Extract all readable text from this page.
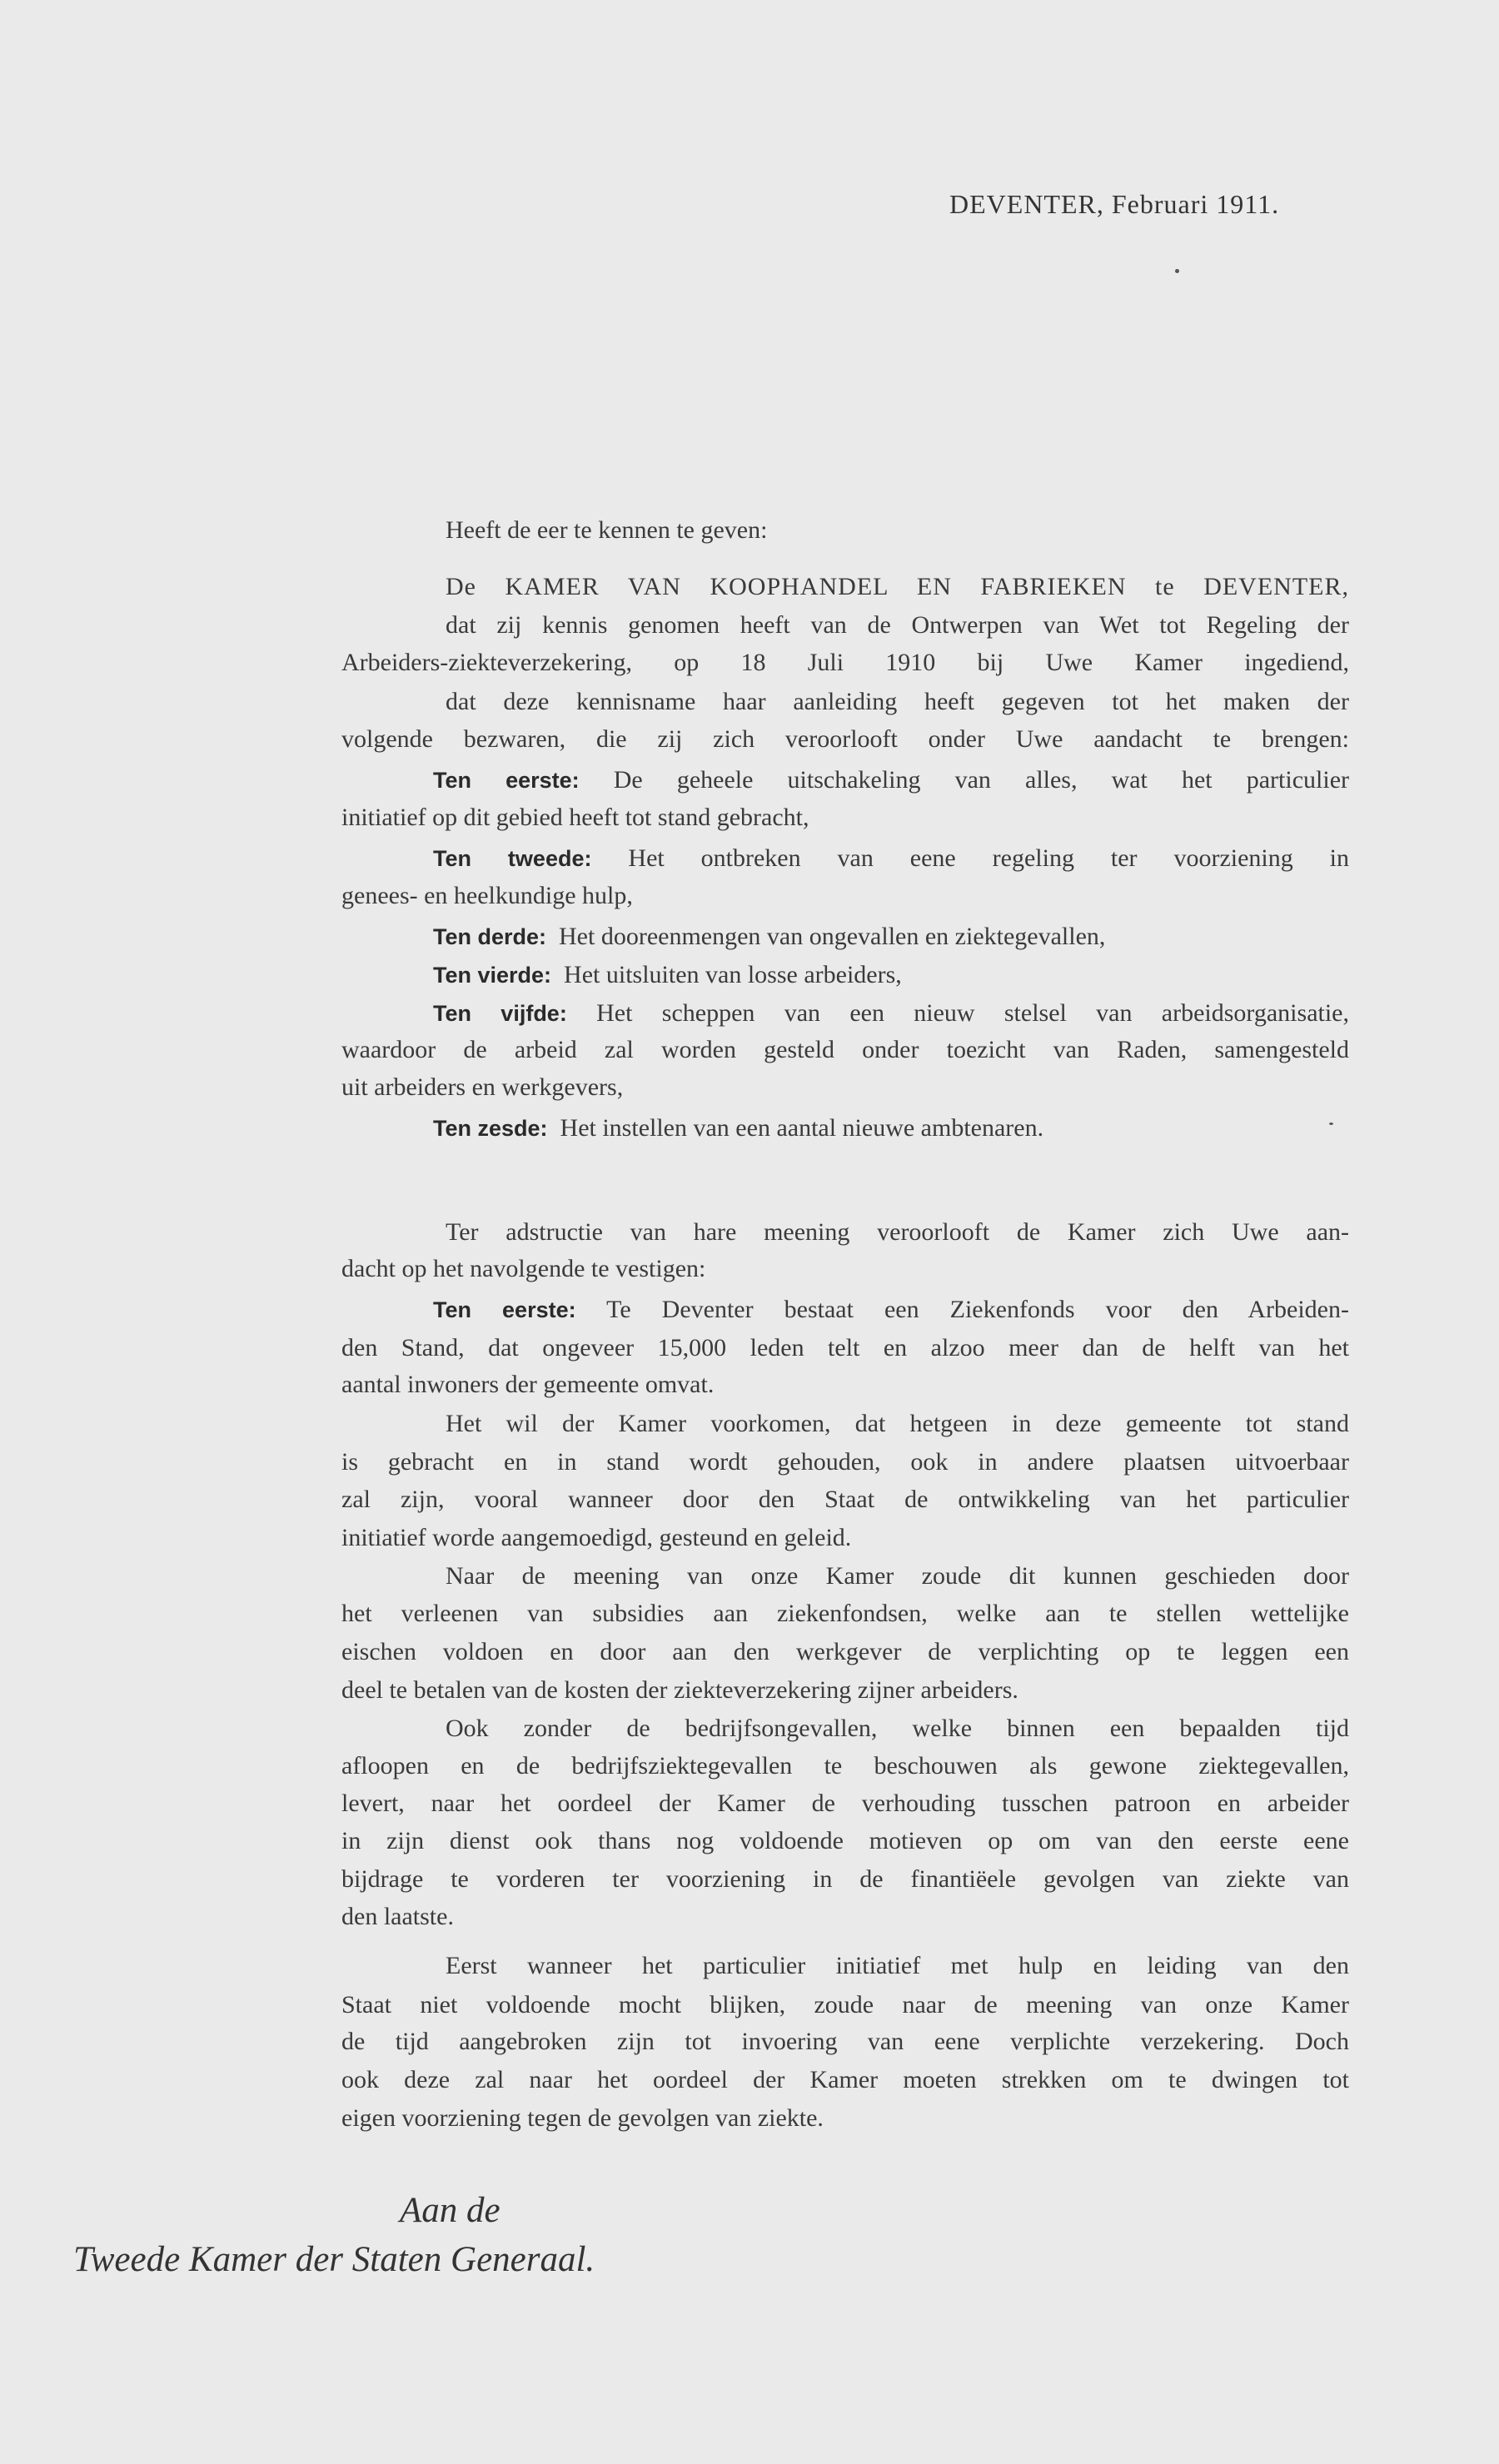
DEVENTER, Februari 1911.
Heeft de eer te kennen te geven:
De KAMER VAN KOOPHANDEL EN FABRIEKEN te DEVENTER,
dat zij kennis genomen heeft van de Ontwerpen van Wet tot Regeling der
Arbeiders-ziekteverzekering, op 18 Juli 1910 bij Uwe Kamer ingediend,
dat deze kennisname haar aanleiding heeft gegeven tot het maken der
volgende bezwaren, die zij zich veroorlooft onder Uwe aandacht te brengen:
Ten eerste: De geheele uitschakeling van alles, wat het particulier
initiatief op dit gebied heeft tot stand gebracht,
Ten tweede: Het ontbreken van eene regeling ter voorziening in
genees- en heelkundige hulp,
Ten derde: Het dooreenmengen van ongevallen en ziektegevallen,
Ten vierde: Het uitsluiten van losse arbeiders,
Ten vijfde: Het scheppen van een nieuw stelsel van arbeidsorganisatie,
waardoor de arbeid zal worden gesteld onder toezicht van Raden, samengesteld
uit arbeiders en werkgevers,
Ten zesde: Het instellen van een aantal nieuwe ambtenaren.
Ter adstructie van hare meening veroorlooft de Kamer zich Uwe aan-
dacht op het navolgende te vestigen:
Ten eerste: Te Deventer bestaat een Ziekenfonds voor den Arbeiden-
den Stand, dat ongeveer 15,000 leden telt en alzoo meer dan de helft van het
aantal inwoners der gemeente omvat.
Het wil der Kamer voorkomen, dat hetgeen in deze gemeente tot stand
is gebracht en in stand wordt gehouden, ook in andere plaatsen uitvoerbaar
zal zijn, vooral wanneer door den Staat de ontwikkeling van het particulier
initiatief worde aangemoedigd, gesteund en geleid.
Naar de meening van onze Kamer zoude dit kunnen geschieden door
het verleenen van subsidies aan ziekenfondsen, welke aan te stellen wettelijke
eischen voldoen en door aan den werkgever de verplichting op te leggen een
deel te betalen van de kosten der ziekteverzekering zijner arbeiders.
Ook zonder de bedrijfsongevallen, welke binnen een bepaalden tijd
afloopen en de bedrijfsziektegevallen te beschouwen als gewone ziektegevallen,
levert, naar het oordeel der Kamer de verhouding tusschen patroon en arbeider
in zijn dienst ook thans nog voldoende motieven op om van den eerste eene
bijdrage te vorderen ter voorziening in de finantiëele gevolgen van ziekte van
den laatste.
Eerst wanneer het particulier initiatief met hulp en leiding van den
Staat niet voldoende mocht blijken, zoude naar de meening van onze Kamer
de tijd aangebroken zijn tot invoering van eene verplichte verzekering. Doch
ook deze zal naar het oordeel der Kamer moeten strekken om te dwingen tot
eigen voorziening tegen de gevolgen van ziekte.
Aan de
Tweede Kamer der Staten Generaal.
